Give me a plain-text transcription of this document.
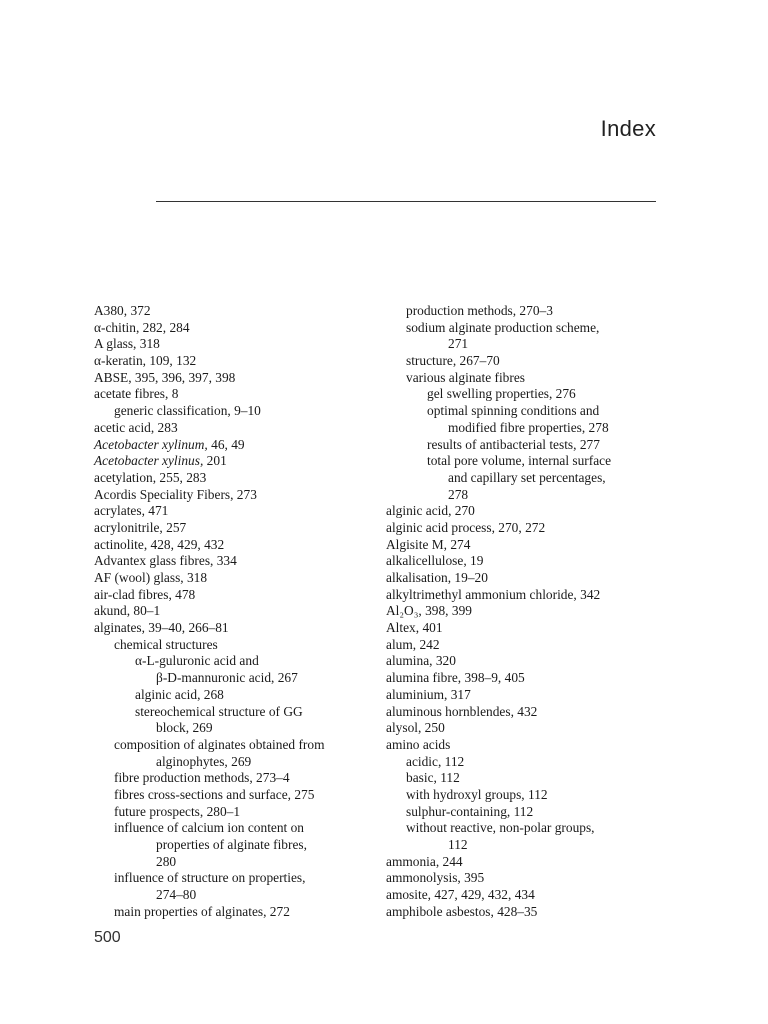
Index
A380, 372
α-chitin, 282, 284
A glass, 318
α-keratin, 109, 132
ABSE, 395, 396, 397, 398
acetate fibres, 8
generic classification, 9–10
acetic acid, 283
Acetobacter xylinum, 46, 49
Acetobacter xylinus, 201
acetylation, 255, 283
Acordis Speciality Fibers, 273
acrylates, 471
acrylonitrile, 257
actinolite, 428, 429, 432
Advantex glass fibres, 334
AF (wool) glass, 318
air-clad fibres, 478
akund, 80–1
alginates, 39–40, 266–81
chemical structures
α-L-guluronic acid and
β-D-mannuronic acid, 267
alginic acid, 268
stereochemical structure of GG
block, 269
composition of alginates obtained from
alginophytes, 269
fibre production methods, 273–4
fibres cross-sections and surface, 275
future prospects, 280–1
influence of calcium ion content on
properties of alginate fibres,
280
influence of structure on properties,
274–80
main properties of alginates, 272
production methods, 270–3
sodium alginate production scheme,
271
structure, 267–70
various alginate fibres
gel swelling properties, 276
optimal spinning conditions and
modified fibre properties, 278
results of antibacterial tests, 277
total pore volume, internal surface
and capillary set percentages,
278
alginic acid, 270
alginic acid process, 270, 272
Algisite M, 274
alkalicellulose, 19
alkalisation, 19–20
alkyltrimethyl ammonium chloride, 342
Al₂O₃, 398, 399
Altex, 401
alum, 242
alumina, 320
alumina fibre, 398–9, 405
aluminium, 317
aluminous hornblendes, 432
alysol, 250
amino acids
acidic, 112
basic, 112
with hydroxyl groups, 112
sulphur-containing, 112
without reactive, non-polar groups,
112
ammonia, 244
ammonolysis, 395
amosite, 427, 429, 432, 434
amphibole asbestos, 428–35
500
